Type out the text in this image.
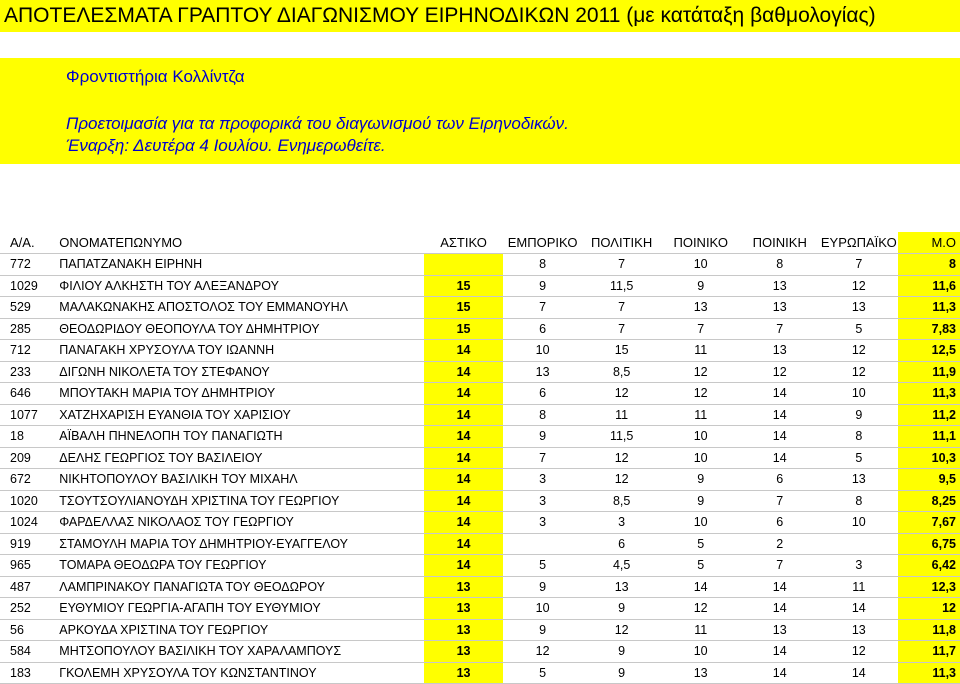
ΑΠΟΤΕΛΕΣΜΑΤΑ ΓΡΑΠΤΟΥ ΔΙΑΓΩΝΙΣΜΟΥ ΕΙΡΗΝΟΔΙΚΩΝ 2011 (με κατάταξη βαθμολογίας)
Φροντιστήρια Κολλίντζα
Προετοιμασία για τα προφορικά του διαγωνισμού των Ειρηνοδικών.
Έναρξη: Δευτέρα 4 Ιουλίου. Ενημερωθείτε.
Α/Α.	ΟΝΟΜΑΤΕΠΩΝΥΜΟ	ΑΣΤΙΚΟ	ΕΜΠΟΡΙΚΟ	ΠΟΛΙΤΙΚΗ	ΠΟΙΝΙΚΟ	ΠΟΙΝΙΚΗ	ΕΥΡΩΠΑΪΚΟ	Μ.Ο
772	ΠΑΠΑΤΖΑΝΑΚΗ ΕΙΡΗΝΗ		8	7	10	8	7	8
1029	ΦΙΛΙΟΥ ΑΛΚΗΣΤΗ ΤΟΥ ΑΛΕΞΑΝΔΡΟΥ	15	9	11,5	9	13	12	11,6
529	ΜΑΛΑΚΩΝΑΚΗΣ ΑΠΟΣΤΟΛΟΣ ΤΟΥ ΕΜΜΑΝΟΥΗΛ	15	7	7	13	13	13	11,3
285	ΘΕΟΔΩΡΙΔΟΥ ΘΕΟΠΟΥΛΑ ΤΟΥ ΔΗΜΗΤΡΙΟΥ	15	6	7	7	7	5	7,83
712	ΠΑΝΑΓΑΚΗ ΧΡΥΣΟΥΛΑ ΤΟΥ ΙΩΑΝΝΗ	14	10	15	11	13	12	12,5
233	ΔΙΓΩΝΗ ΝΙΚΟΛΕΤΑ ΤΟΥ ΣΤΕΦΑΝΟΥ	14	13	8,5	12	12	12	11,9
646	ΜΠΟΥΤΑΚΗ ΜΑΡΙΑ ΤΟΥ ΔΗΜΗΤΡΙΟΥ	14	6	12	12	14	10	11,3
1077	ΧΑΤΖΗΧΑΡΙΣΗ ΕΥΑΝΘΙΑ ΤΟΥ ΧΑΡΙΣΙΟΥ	14	8	11	11	14	9	11,2
18	ΑΪΒΑΛΗ ΠΗΝΕΛΟΠΗ ΤΟΥ ΠΑΝΑΓΙΩΤΗ	14	9	11,5	10	14	8	11,1
209	ΔΕΛΗΣ ΓΕΩΡΓΙΟΣ ΤΟΥ ΒΑΣΙΛΕΙΟΥ	14	7	12	10	14	5	10,3
672	ΝΙΚΗΤΟΠΟΥΛΟΥ ΒΑΣΙΛΙΚΗ ΤΟΥ ΜΙΧΑΗΛ	14	3	12	9	6	13	9,5
1020	ΤΣΟΥΤΣΟΥΛΙΑΝΟΥΔΗ ΧΡΙΣΤΙΝΑ ΤΟΥ ΓΕΩΡΓΙΟΥ	14	3	8,5	9	7	8	8,25
1024	ΦΑΡΔΕΛΛΑΣ ΝΙΚΟΛΑΟΣ ΤΟΥ ΓΕΩΡΓΙΟΥ	14	3	3	10	6	10	7,67
919	ΣΤΑΜΟΥΛΗ ΜΑΡΙΑ ΤΟΥ ΔΗΜΗΤΡΙΟΥ-ΕΥΑΓΓΕΛΟΥ	14		6	5	2		6,75
965	ΤΟΜΑΡΑ ΘΕΟΔΩΡΑ ΤΟΥ ΓΕΩΡΓΙΟΥ	14	5	4,5	5	7	3	6,42
487	ΛΑΜΠΡΙΝΑΚΟΥ ΠΑΝΑΓΙΩΤΑ ΤΟΥ ΘΕΟΔΩΡΟΥ	13	9	13	14	14	11	12,3
252	ΕΥΘΥΜΙΟΥ ΓΕΩΡΓΙΑ-ΑΓΑΠΗ ΤΟΥ ΕΥΘΥΜΙΟΥ	13	10	9	12	14	14	12
56	ΑΡΚΟΥΔΑ ΧΡΙΣΤΙΝΑ ΤΟΥ ΓΕΩΡΓΙΟΥ	13	9	12	11	13	13	11,8
584	ΜΗΤΣΟΠΟΥΛΟΥ ΒΑΣΙΛΙΚΗ ΤΟΥ ΧΑΡΑΛΑΜΠΟΥΣ	13	12	9	10	14	12	11,7
183	ΓΚΟΛΕΜΗ ΧΡΥΣΟΥΛΑ ΤΟΥ ΚΩΝΣΤΑΝΤΙΝΟΥ	13	5	9	13	14	14	11,3
